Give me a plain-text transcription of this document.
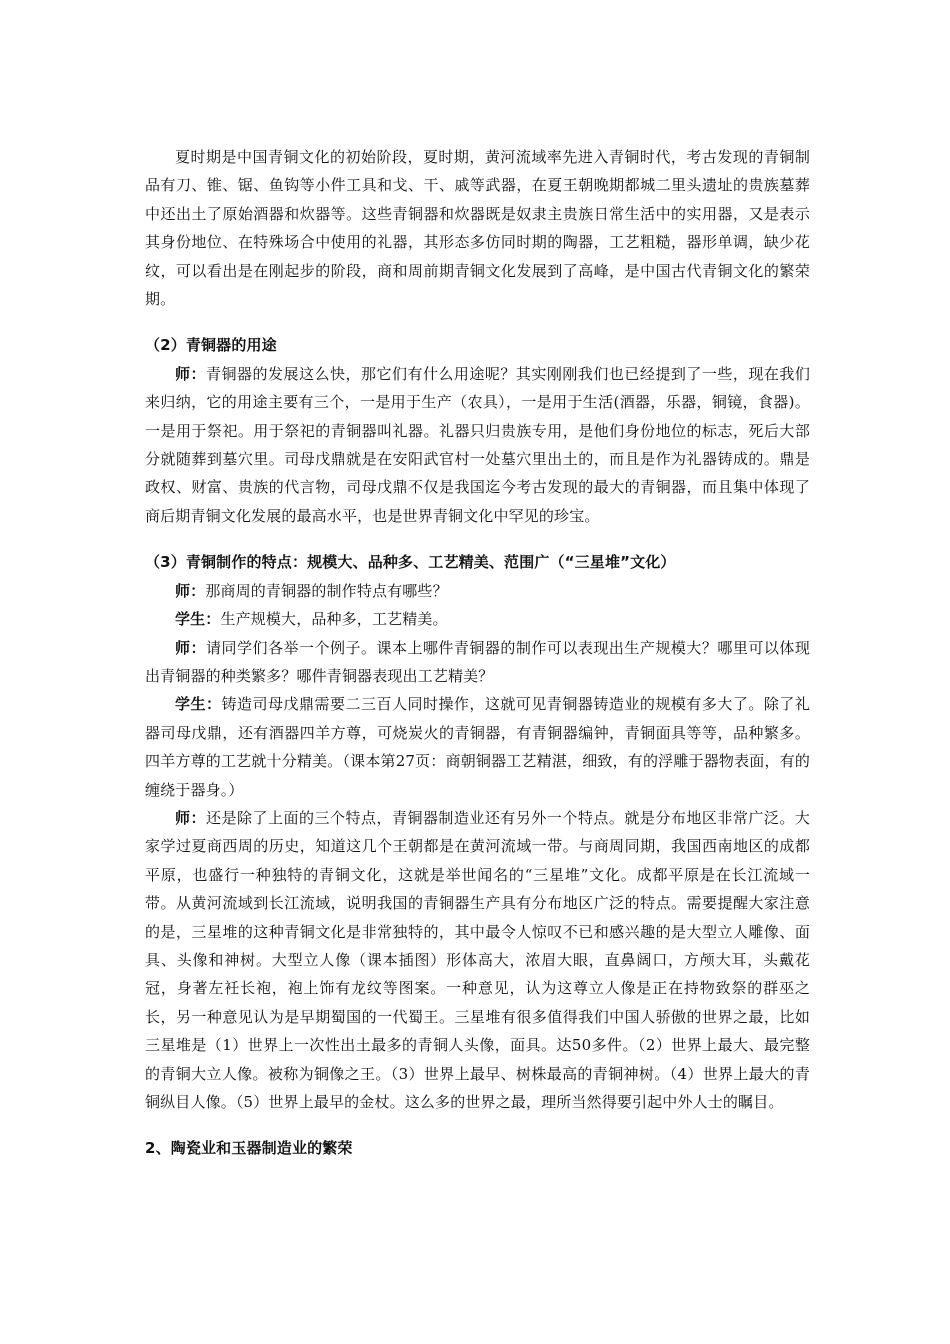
夏时期是中国青铜文化的初始阶段，夏时期，黄河流域率先进入青铜时代，考古发现的青铜制品有刀、锥、锯、鱼钩等小件工具和戈、干、戚等武器，在夏王朝晚期都城二里头遗址的贵族墓葬中还出土了原始酒器和炊器等。这些青铜器和炊器既是奴隶主贵族日常生活中的实用器，又是表示其身份地位、在特殊场合中使用的礼器，其形态多仿同时期的陶器，工艺粗糙，器形单调，缺少花纹，可以看出是在刚起步的阶段，商和周前期青铜文化发展到了高峰，是中国古代青铜文化的繁荣期。

（2）青铜器的用途

师：青铜器的发展这么快，那它们有什么用途呢？其实刚刚我们也已经提到了一些，现在我们来归纳，它的用途主要有三个，一是用于生产（农具），一是用于生活(酒器，乐器，铜镜，食器)。一是用于祭祀。用于祭祀的青铜器叫礼器。礼器只归贵族专用，是他们身份地位的标志，死后大部分就随葬到墓穴里。司母戊鼎就是在安阳武官村一处墓穴里出土的，而且是作为礼器铸成的。鼎是政权、财富、贵族的代言物，司母戊鼎不仅是我国迄今考古发现的最大的青铜器，而且集中体现了商后期青铜文化发展的最高水平，也是世界青铜文化中罕见的珍宝。

（3）青铜制作的特点：规模大、品种多、工艺精美、范围广（“三星堆”文化）

师：那商周的青铜器的制作特点有哪些？

学生：生产规模大，品种多，工艺精美。

师：请同学们各举一个例子。课本上哪件青铜器的制作可以表现出生产规模大？哪里可以体现出青铜器的种类繁多？哪件青铜器表现出工艺精美？

学生：铸造司母戊鼎需要二三百人同时操作，这就可见青铜器铸造业的规模有多大了。除了礼器司母戊鼎，还有酒器四羊方尊，可烧炭火的青铜器，有青铜器编钟，青铜面具等等，品种繁多。四羊方尊的工艺就十分精美。（课本第27页：商朝铜器工艺精湛，细致，有的浮雕于器物表面，有的缠绕于器身。）

师：还是除了上面的三个特点，青铜器制造业还有另外一个特点。就是分布地区非常广泛。大家学过夏商西周的历史，知道这几个王朝都是在黄河流域一带。与商周同期，我国西南地区的成都平原，也盛行一种独特的青铜文化，这就是举世闻名的“三星堆”文化。成都平原是在长江流域一带。从黄河流域到长江流域，说明我国的青铜器生产具有分布地区广泛的特点。需要提醒大家注意的是，三星堆的这种青铜文化是非常独特的，其中最令人惊叹不已和感兴趣的是大型立人雕像、面具、头像和神树。大型立人像（课本插图）形体高大，浓眉大眼，直鼻阔口，方颅大耳，头戴花冠，身著左衽长袍，袍上饰有龙纹等图案。一种意见，认为这尊立人像是正在持物致祭的群巫之长，另一种意见认为是早期蜀国的一代蜀王。三星堆有很多值得我们中国人骄傲的世界之最，比如三星堆是（1）世界上一次性出土最多的青铜人头像，面具。达50多件。（2）世界上最大、最完整的青铜大立人像。被称为铜像之王。（3）世界上最早、树株最高的青铜神树。（4）世界上最大的青铜纵目人像。（5）世界上最早的金杖。这么多的世界之最，理所当然得要引起中外人士的瞩目。

2、陶瓷业和玉器制造业的繁荣
